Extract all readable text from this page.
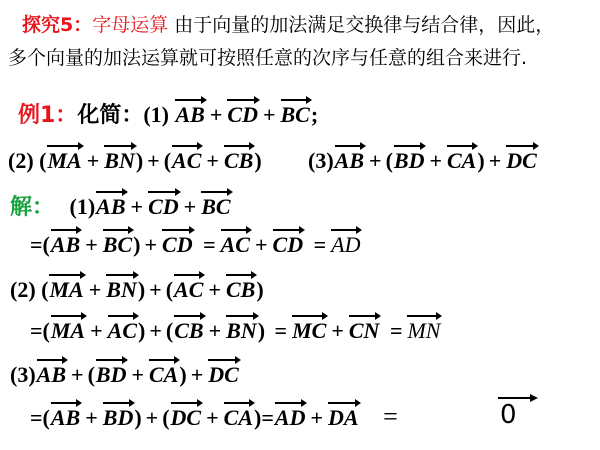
探究5：字母运算 由于向量的加法满足交换律与结合律，因此，
多个向量的加法运算就可按照任意的次序与任意的组合来进行.
例1：化简：(1) AB + CD + BC;
(2) (
MA + BN) + (
AC + CB) (3)
AB + (
BD + CA) + DC
解： (1)
AB + CD + BC
=(
AB + BC) + CD = AC + CD = AD
(2) (
MA + BN) + (
AC + CB)
=(
MA + AC) + (
CB + BN) = MC + CN = MN
(3)
AB + (
BD + CA) + DC
=(
AB + BD) + (
DC + CA)=
AD + DA =	0
